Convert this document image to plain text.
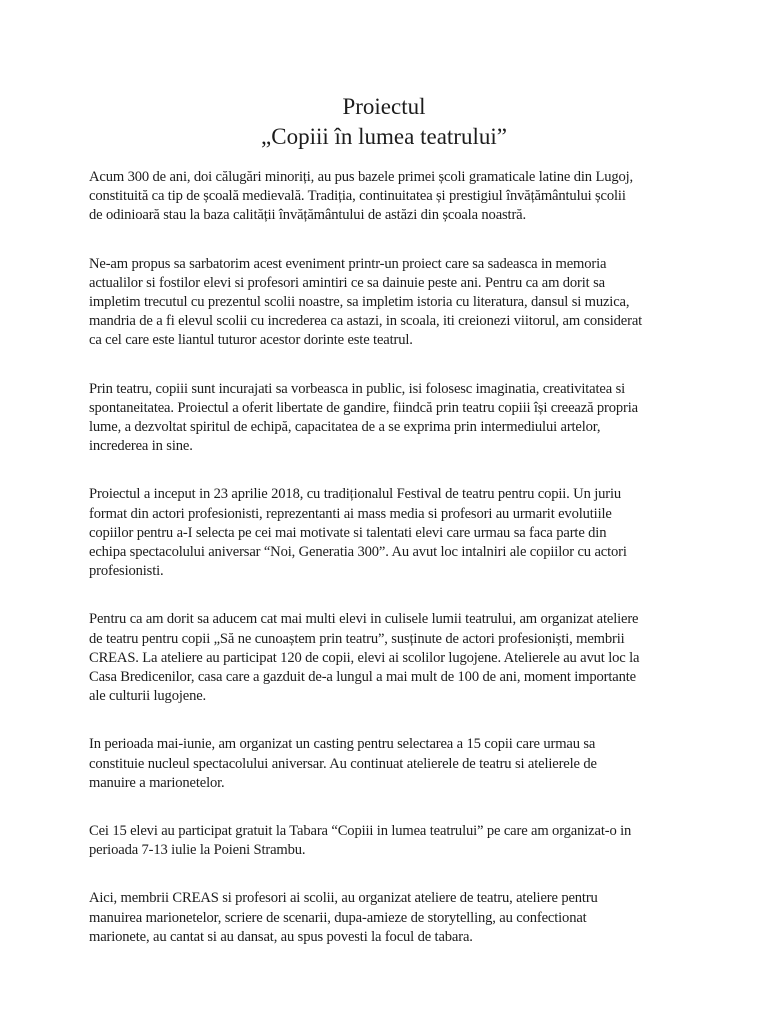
Proiectul
„Copiii în lumea teatrului”

Acum 300 de ani, doi călugări minoriți, au pus bazele primei școli gramaticale latine din Lugoj,
constituită ca tip de școală medievală. Tradiția, continuitatea și prestigiul învățământului școlii
de odinioară stau la baza calității învățământului de astăzi din școala noastră.

Ne-am propus sa sarbatorim acest eveniment printr-un proiect care sa sadeasca in memoria
actualilor si fostilor elevi si profesori amintiri ce sa dainuie peste ani. Pentru ca am dorit sa
impletim trecutul cu prezentul scolii noastre, sa impletim istoria cu literatura, dansul si muzica,
mandria de a fi elevul scolii cu increderea ca astazi, in scoala, iti creionezi viitorul, am considerat
ca cel care este liantul tuturor acestor dorinte este teatrul.

Prin teatru, copiii sunt incurajati sa vorbeasca in public, isi folosesc imaginatia, creativitatea si
spontaneitatea. Proiectul a oferit libertate de gandire, fiindcă prin teatru copiii își creează propria
lume, a dezvoltat spiritul de echipă, capacitatea de a se exprima prin intermediului artelor,
increderea in sine.

Proiectul a inceput in 23 aprilie 2018, cu tradiționalul Festival de teatru pentru copii. Un juriu
format din actori profesionisti, reprezentanti ai mass media si profesori au urmarit evolutiile
copiilor pentru a-I selecta pe cei mai motivate si talentati elevi care urmau sa faca parte din
echipa spectacolului aniversar “Noi, Generatia 300”. Au avut loc intalniri ale copiilor cu actori
profesionisti.

Pentru ca am dorit sa aducem cat mai multi elevi in culisele lumii teatrului, am organizat ateliere
de teatru pentru copii „Să ne cunoaștem prin teatru”, susținute de actori profesioniști, membrii
CREAS. La ateliere au participat 120 de copii, elevi ai scolilor lugojene. Atelierele au avut loc la
Casa Bredicenilor, casa care a gazduit de-a lungul a mai mult de 100 de ani, moment importante
ale culturii lugojene.

In perioada mai-iunie, am organizat un casting pentru selectarea a 15 copii care urmau sa
constituie nucleul spectacolului aniversar. Au continuat atelierele de teatru si atelierele de
manuire a marionetelor.

Cei 15 elevi au participat gratuit la Tabara “Copiii in lumea teatrului” pe care am organizat-o in
perioada 7-13 iulie la Poieni Strambu.

Aici, membrii CREAS si profesori ai scolii, au organizat ateliere de teatru, ateliere pentru
manuirea marionetelor, scriere de scenarii, dupa-amieze de storytelling, au confectionat
marionete, au cantat si au dansat, au spus povesti la focul de tabara.
